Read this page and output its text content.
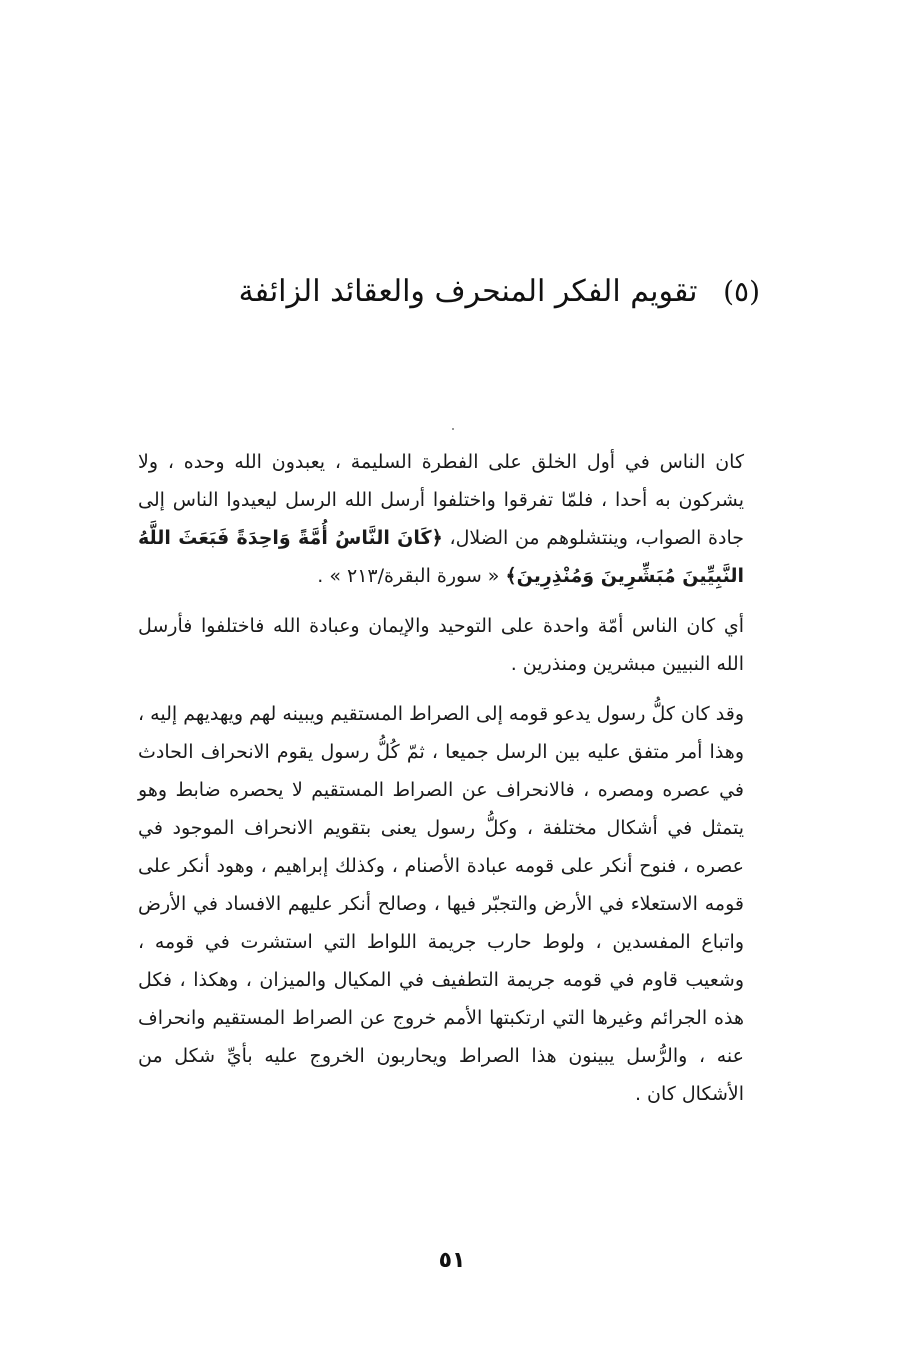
(٥) تقويم الفكر المنحرف والعقائد الزائفة

كان الناس في أول الخلق على الفطرة السليمة ، يعبدون الله وحده ، ولا يشركون به أحدا ، فلمّا تفرقوا واختلفوا أرسل الله الرسل ليعيدوا الناس إلى جادة الصواب، وينتشلوهم من الضلال، ﴿كَانَ النَّاسُ أُمَّةً وَاحِدَةً فَبَعَثَ اللَّهُ النَّبِيِّينَ مُبَشِّرِينَ وَمُنْذِرِينَ﴾ « سورة البقرة/٢١٣ » .

أي كان الناس أمّة واحدة على التوحيد والإيمان وعبادة الله فاختلفوا فأرسل الله النبيين مبشرين ومنذرين .

وقد كان كلُّ رسول يدعو قومه إلى الصراط المستقيم ويبينه لهم ويهديهم إليه ، وهذا أمر متفق عليه بين الرسل جميعا ، ثمّ كُلُّ رسول يقوم الانحراف الحادث في عصره ومصره ، فالانحراف عن الصراط المستقيم لا يحصره ضابط وهو يتمثل في أشكال مختلفة ، وكلُّ رسول يعنى بتقويم الانحراف الموجود في عصره ، فنوح أنكر على قومه عبادة الأصنام ، وكذلك إبراهيم ، وهود أنكر على قومه الاستعلاء في الأرض والتجبّر فيها ، وصالح أنكر عليهم الافساد في الأرض واتباع المفسدين ، ولوط حارب جريمة اللواط التي استشرت في قومه ، وشعيب قاوم في قومه جريمة التطفيف في المكيال والميزان ، وهكذا ، فكل هذه الجرائم وغيرها التي ارتكبتها الأمم خروج عن الصراط المستقيم وانحراف عنه ، والرُّسل يبينون هذا الصراط ويحاربون الخروج عليه بأيِّ شكل من الأشكال كان .

٥١
